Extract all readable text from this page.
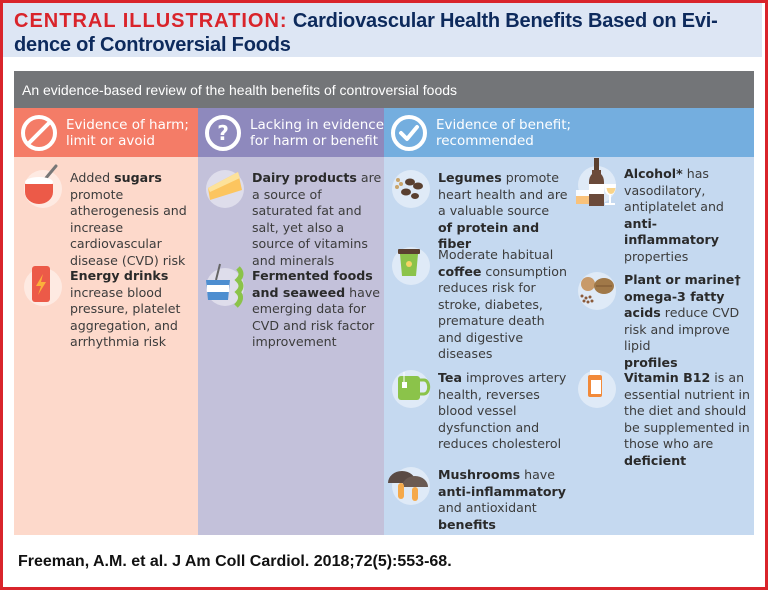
CENTRAL ILLUSTRATION: Cardiovascular Health Benefits Based on Evi-
dence of Controversial Foods
An evidence-based review of the health benefits of controversial foods
Evidence of harm;
limit or avoid
Added sugars
promote atherogenesis and increase cardiovascular disease (CVD) risk
Energy drinks
increase blood pressure, platelet aggregation, and arrhythmia risk
? Lacking in evidence
for harm or benefit
Dairy products are a source of saturated fat and salt, yet also a source of vitamins and minerals
Fermented foods and seaweed have emerging data for CVD and risk factor improvement
Evidence of benefit;
recommended
Legumes promote heart health and are a valuable source
of protein and fiber
Moderate habitual coffee consumption reduces risk for stroke, diabetes, premature death and digestive diseases
Tea improves artery health, reverses blood vessel dysfunction and reduces cholesterol
Mushrooms have
anti-inflammatory
and antioxidant
benefits
Alcohol* has vasodilatory, antiplatelet and
anti-inflammatory
properties
Plant or marine† omega-3 fatty acids reduce CVD risk and improve lipid
profiles
Vitamin B12 is an essential nutrient in the diet and should be supplemented in those who are
deficient
Freeman, A.M. et al. J Am Coll Cardiol. 2018;72(5):553-68.
